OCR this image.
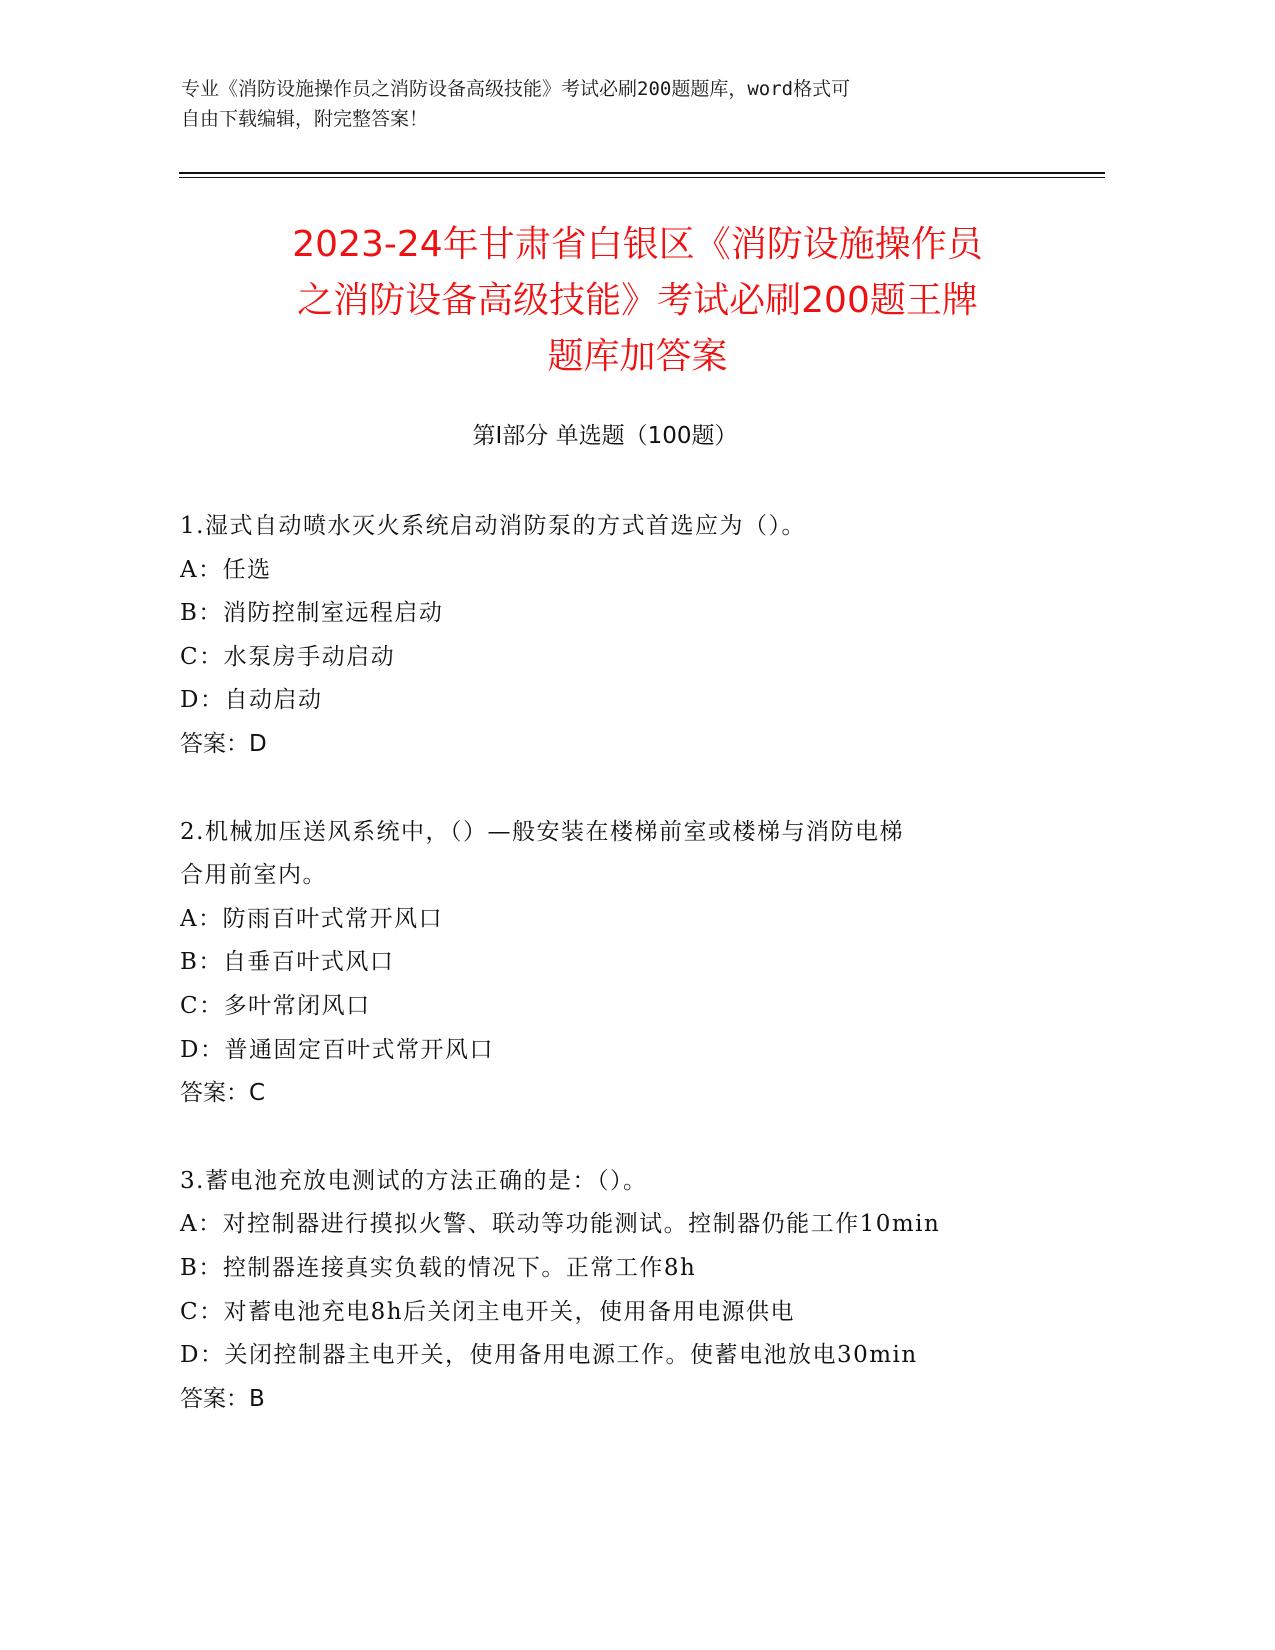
专业《消防设施操作员之消防设备高级技能》考试必刷200题题库，word格式可
自由下载编辑，附完整答案！
2023-24年甘肃省白银区《消防设施操作员
之消防设备高级技能》考试必刷200题王牌
题库加答案
第I部分 单选题（100题）

1.湿式自动喷水灭火系统启动消防泵的方式首选应为（）。

A：任选

B：消防控制室远程启动

C：水泵房手动启动

D：自动启动

答案：D

2.机械加压送风系统中，（）—般安装在楼梯前室或楼梯与消防电梯

合用前室内。

A：防雨百叶式常开风口

B：自垂百叶式风口

C：多叶常闭风口

D：普通固定百叶式常开风口

答案：C

3.蓄电池充放电测试的方法正确的是：（）。

A：对控制器进行摸拟火警、联动等功能测试。控制器仍能工作10min

B：控制器连接真实负载的情况下。正常工作8h

C：对蓄电池充电8h后关闭主电开关，使用备用电源供电

D：关闭控制器主电开关，使用备用电源工作。使蓄电池放电30min

答案：B
